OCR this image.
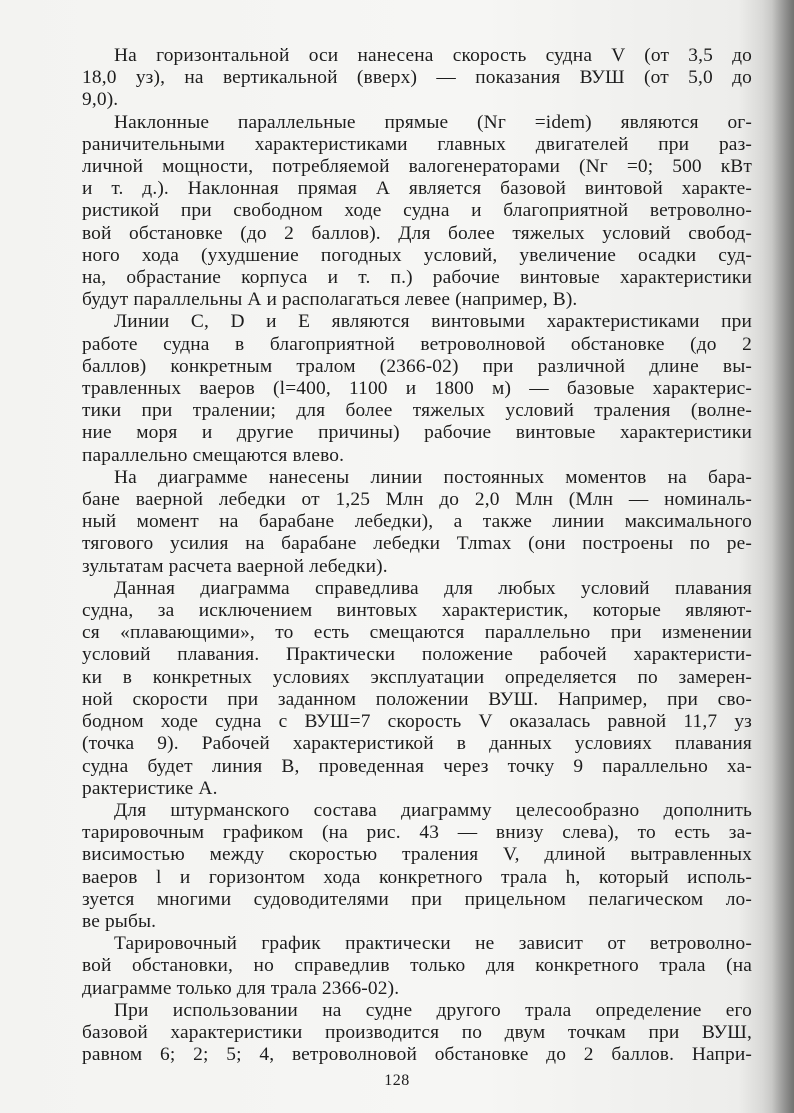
На горизонтальной оси нанесена скорость судна V (от 3,5 до
18,0 уз), на вертикальной (вверх) — показания ВУШ (от 5,0 до
9,0).

Наклонные параллельные прямые (Nг =idem) являются ог-
раничительными характеристиками главных двигателей при раз-
личной мощности, потребляемой валогенераторами (Nг =0; 500 кВт
и т. д.). Наклонная прямая А является базовой винтовой характе-
ристикой при свободном ходе судна и благоприятной ветроволно-
вой обстановке (до 2 баллов). Для более тяжелых условий свобод-
ного хода (ухудшение погодных условий, увеличение осадки суд-
на, обрастание корпуса и т. п.) рабочие винтовые характеристики
будут параллельны А и располагаться левее (например, В).

Линии С, D и Е являются винтовыми характеристиками при
работе судна в благоприятной ветроволновой обстановке (до 2
баллов) конкретным тралом (2366-02) при различной длине вы-
травленных ваеров (l=400, 1100 и 1800 м) — базовые характерис-
тики при тралении; для более тяжелых условий траления (волне-
ние моря и другие причины) рабочие винтовые характеристики
параллельно смещаются влево.

На диаграмме нанесены линии постоянных моментов на бара-
бане ваерной лебедки от 1,25 Млн до 2,0 Млн (Млн — номиналь-
ный момент на барабане лебедки), а также линии максимального
тягового усилия на барабане лебедки Тлmax (они построены по ре-
зультатам расчета ваерной лебедки).

Данная диаграмма справедлива для любых условий плавания
судна, за исключением винтовых характеристик, которые являют-
ся «плавающими», то есть смещаются параллельно при изменении
условий плавания. Практически положение рабочей характеристи-
ки в конкретных условиях эксплуатации определяется по замерен-
ной скорости при заданном положении ВУШ. Например, при сво-
бодном ходе судна с ВУШ=7 скорость V оказалась равной 11,7 уз
(точка 9). Рабочей характеристикой в данных условиях плавания
судна будет линия В, проведенная через точку 9 параллельно ха-
рактеристике А.

Для штурманского состава диаграмму целесообразно дополнить
тарировочным графиком (на рис. 43 — внизу слева), то есть за-
висимостью между скоростью траления V, длиной вытравленных
ваеров l и горизонтом хода конкретного трала h, который исполь-
зуется многими судоводителями при прицельном пелагическом ло-
ве рыбы.

Тарировочный график практически не зависит от ветроволно-
вой обстановки, но справедлив только для конкретного трала (на
диаграмме только для трала 2366-02).

При использовании на судне другого трала определение его
базовой характеристики производится по двум точкам при ВУШ,
равном 6; 2; 5; 4, ветроволновой обстановке до 2 баллов. Напри-

128
